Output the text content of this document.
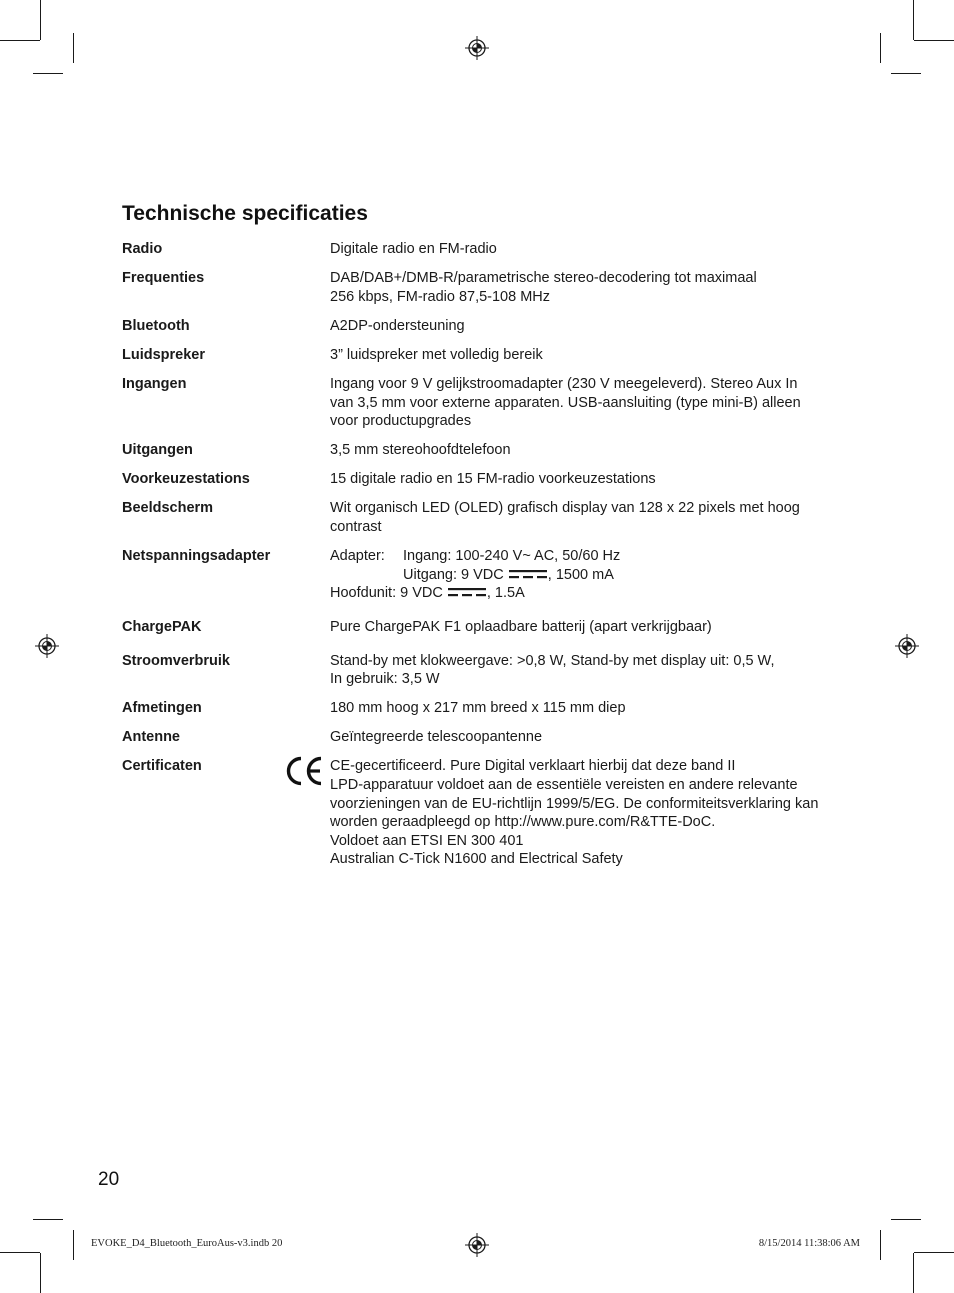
Technische specificaties
Radio	Digitale radio en FM-radio
Frequenties	DAB/DAB+/DMB-R/parametrische stereo-decodering tot maximaal
256 kbps, FM-radio 87,5-108 MHz
Bluetooth	A2DP-ondersteuning
Luidspreker	3” luidspreker met volledig bereik
Ingangen	Ingang voor 9 V gelijkstroomadapter (230 V meegeleverd). Stereo Aux In
van 3,5 mm voor externe apparaten. USB-aansluiting (type mini-B) alleen
voor productupgrades
Uitgangen	3,5 mm stereohoofdtelefoon
Voorkeuzestations	15 digitale radio en 15 FM-radio voorkeuzestations
Beeldscherm	Wit organisch LED (OLED) grafisch display van 128 x 22 pixels met hoog
contrast
Netspanningsadapter	Adapter:	Ingang: 100-240 V~ AC, 50/60 Hz
Uitgang: 9 VDC	, 1500 mA
Hoofdunit: 9 VDC	, 1.5A
ChargePAK	Pure ChargePAK F1 oplaadbare batterij (apart verkrijgbaar)
Stroomverbruik	Stand-by met klokweergave: >0,8 W, Stand-by met display uit: 0,5 W,
In gebruik: 3,5 W
Afmetingen	180 mm hoog x 217 mm breed x 115 mm diep
Antenne	Geïntegreerde telescoopantenne
Certificaten	CE-gecertificeerd. Pure Digital verklaart hierbij dat deze band II
LPD-apparatuur voldoet aan de essentiële vereisten en andere relevante
voorzieningen van de EU-richtlijn 1999/5/EG. De conformiteitsverklaring kan
worden geraadpleegd op http://www.pure.com/R&TTE-DoC.
Voldoet aan ETSI EN 300 401
Australian C-Tick N1600 and Electrical Safety
20
EVOKE_D4_Bluetooth_EuroAus-v3.indb 20	8/15/2014 11:38:06 AM
